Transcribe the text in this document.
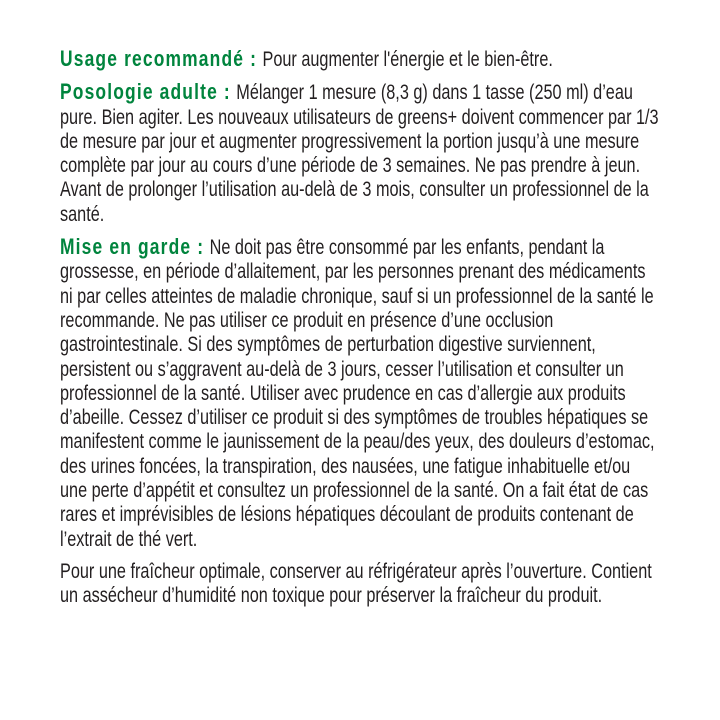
Usage recommandé : Pour augmenter l'énergie et le bien-être.

Posologie adulte : Mélanger 1 mesure (8,3 g) dans 1 tasse (250 ml) d’eau pure. Bien agiter. Les nouveaux utilisateurs de greens+ doivent commencer par 1/3 de mesure par jour et augmenter progressivement la portion jusqu’à une mesure complète par jour au cours d’une période de 3 semaines. Ne pas prendre à jeun. Avant de prolonger l’utilisation au-delà de 3 mois, consulter un professionnel de la santé.

Mise en garde : Ne doit pas être consommé par les enfants, pendant la grossesse, en période d’allaitement, par les personnes prenant des médicaments ni par celles atteintes de maladie chronique, sauf si un professionnel de la santé le recommande. Ne pas utiliser ce produit en présence d’une occlusion gastrointestinale. Si des symptômes de perturbation digestive surviennent, persistent ou s’aggravent au-delà de 3 jours, cesser l’utilisation et consulter un professionnel de la santé. Utiliser avec prudence en cas d’allergie aux produits d’abeille. Cessez d’utiliser ce produit si des symptômes de troubles hépatiques se manifestent comme le jaunissement de la peau/des yeux, des douleurs d’estomac, des urines foncées, la transpiration, des nausées, une fatigue inhabituelle et/ou une perte d’appétit et consultez un professionnel de la santé. On a fait état de cas rares et imprévisibles de lésions hépatiques découlant de produits contenant de l’extrait de thé vert.

Pour une fraîcheur optimale, conserver au réfrigérateur après l’ouverture. Contient un assécheur d’humidité non toxique pour préserver la fraîcheur du produit.
